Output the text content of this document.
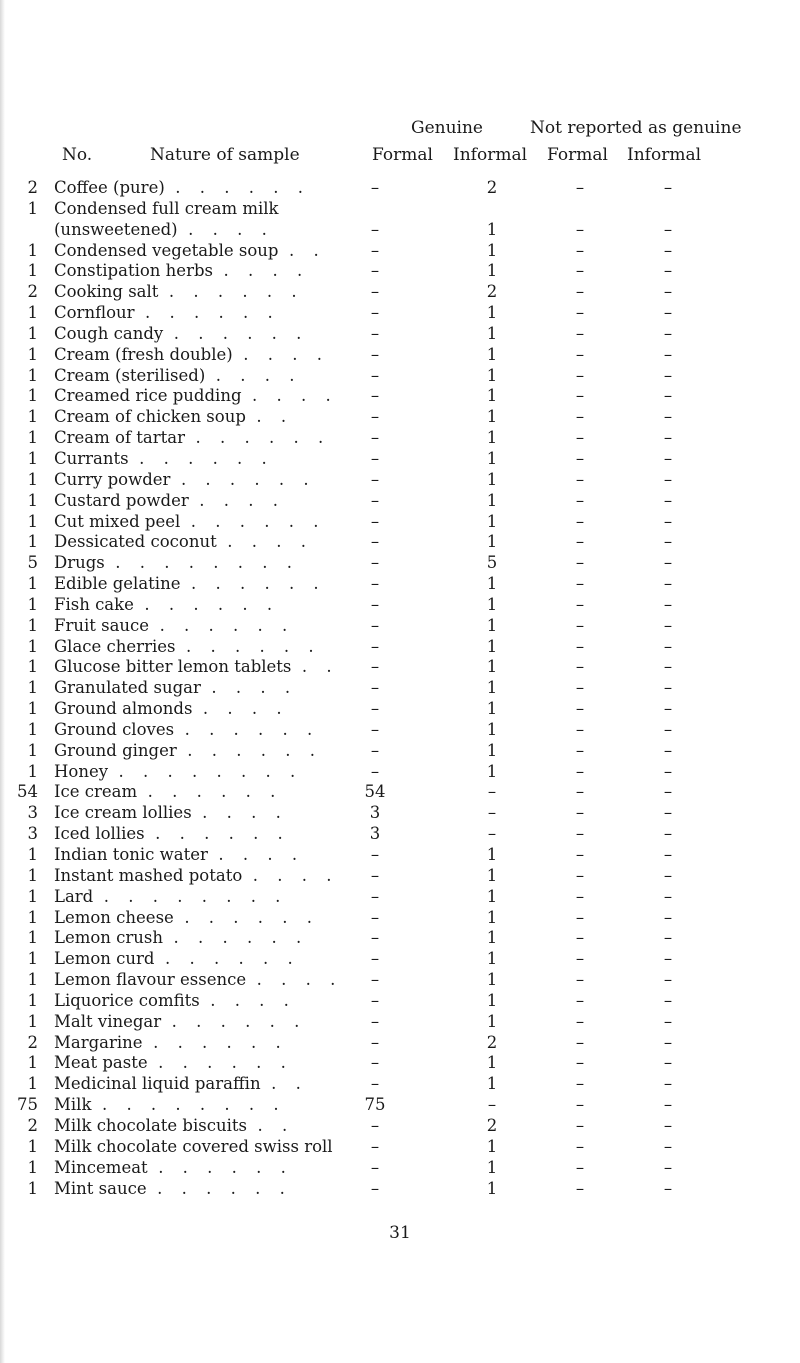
Genuine	Not reported as genuine
No.	Nature of sample	Formal Informal Formal Informal
2 Coffee (pure) . . . . . .	–	2	–	–
1 Condensed full cream milk
(unsweetened) . . . .	–	1	–	–
1 Condensed vegetable soup . .	–	1	–	–
1 Constipation herbs . . . .	–	1	–	–
2 Cooking salt . . . . . .	–	2	–	–
1 Cornflour . . . . . .	–	1	–	–
1 Cough candy . . . . . .	–	1	–	–
1 Cream (fresh double) . . . .	–	1	–	–
1 Cream (sterilised) . . . .	–	1	–	–
1 Creamed rice pudding . . . .	–	1	–	–
1 Cream of chicken soup . .	–	1	–	–
1 Cream of tartar . . . . . .	–	1	–	–
1 Currants . . . . . .	–	1	–	–
1 Curry powder . . . . . .	–	1	–	–
1 Custard powder . . . .	–	1	–	–
1 Cut mixed peel . . . . . .	–	1	–	–
1 Dessicated coconut . . . .	–	1	–	–
5 Drugs . . . . . . . .	–	5	–	–
1 Edible gelatine . . . . . .	–	1	–	–
1 Fish cake . . . . . .	–	1	–	–
1 Fruit sauce . . . . . .	–	1	–	–
1 Glace cherries . . . . . .	–	1	–	–
1 Glucose bitter lemon tablets . .	–	1	–	–
1 Granulated sugar . . . .	–	1	–	–
1 Ground almonds . . . .	–	1	–	–
1 Ground cloves . . . . . .	–	1	–	–
1 Ground ginger . . . . . .	–	1	–	–
1 Honey . . . . . . . .	–	1	–	–
54 Ice cream . . . . . .	54	–	–	–
3 Ice cream lollies . . . .	3	–	–	–
3 Iced lollies . . . . . .	3	–	–	–
1 Indian tonic water . . . .	–	1	–	–
1 Instant mashed potato . . . .	–	1	–	–
1 Lard . . . . . . . .	–	1	–	–
1 Lemon cheese . . . . . .	–	1	–	–
1 Lemon crush . . . . . .	–	1	–	–
1 Lemon curd . . . . . .	–	1	–	–
1 Lemon flavour essence . . . .	–	1	–	–
1 Liquorice comfits . . . .	–	1	–	–
1 Malt vinegar . . . . . .	–	1	–	–
2 Margarine . . . . . .	–	2	–	–
1 Meat paste . . . . . .	–	1	–	–
1 Medicinal liquid paraffin . .	–	1	–	–
75 Milk . . . . . . . .	75	–	–	–
2 Milk chocolate biscuits . .	–	2	–	–
1 Milk chocolate covered swiss roll	–	1	–	–
1 Mincemeat . . . . . .	–	1	–	–
1 Mint sauce . . . . . .	–	1	–	–
31
